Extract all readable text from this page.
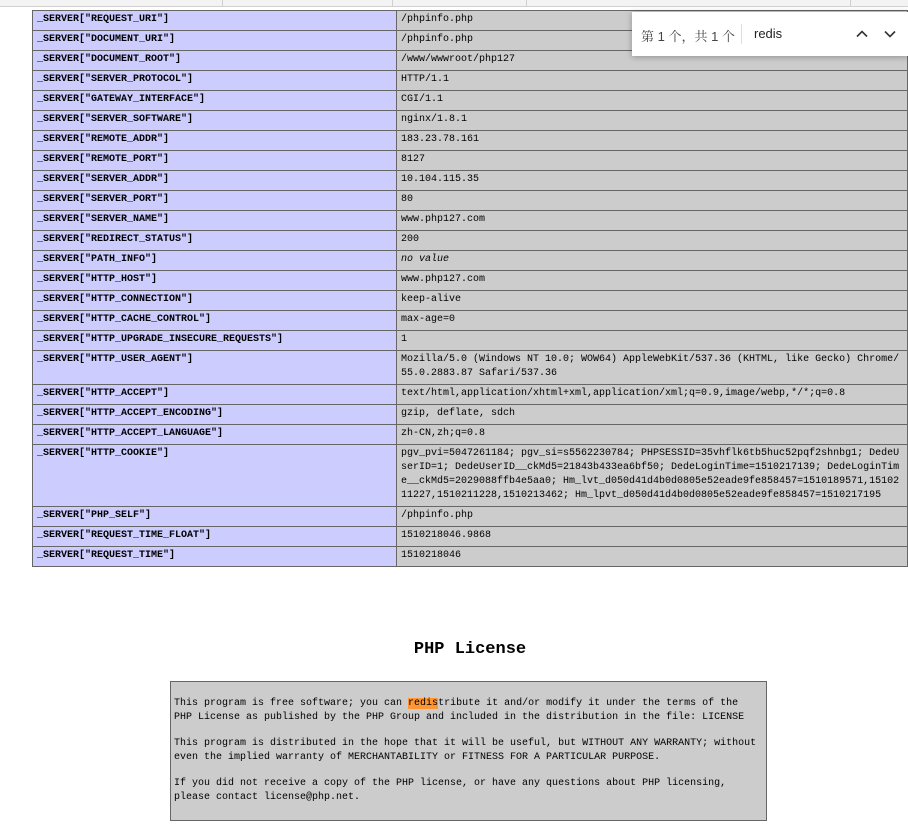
_SERVER["REQUEST_URI"]	/phpinfo.php
_SERVER["DOCUMENT_URI"]	/phpinfo.php
_SERVER["DOCUMENT_ROOT"]	/www/wwwroot/php127
_SERVER["SERVER_PROTOCOL"]	HTTP/1.1
_SERVER["GATEWAY_INTERFACE"]	CGI/1.1
_SERVER["SERVER_SOFTWARE"]	nginx/1.8.1
_SERVER["REMOTE_ADDR"]	183.23.78.161
_SERVER["REMOTE_PORT"]	8127
_SERVER["SERVER_ADDR"]	10.104.115.35
_SERVER["SERVER_PORT"]	80
_SERVER["SERVER_NAME"]	www.php127.com
_SERVER["REDIRECT_STATUS"]	200
_SERVER["PATH_INFO"]	no value
_SERVER["HTTP_HOST"]	www.php127.com
_SERVER["HTTP_CONNECTION"]	keep-alive
_SERVER["HTTP_CACHE_CONTROL"]	max-age=0
_SERVER["HTTP_UPGRADE_INSECURE_REQUESTS"]	1
_SERVER["HTTP_USER_AGENT"]	Mozilla/5.0 (Windows NT 10.0; WOW64) AppleWebKit/537.36 (KHTML, like Gecko) Chrome/55.0.2883.87 Safari/537.36
_SERVER["HTTP_ACCEPT"]	text/html,application/xhtml+xml,application/xml;q=0.9,image/webp,*/*;q=0.8
_SERVER["HTTP_ACCEPT_ENCODING"]	gzip, deflate, sdch
_SERVER["HTTP_ACCEPT_LANGUAGE"]	zh-CN,zh;q=0.8
_SERVER["HTTP_COOKIE"]	pgv_pvi=5047261184; pgv_si=s5562230784; PHPSESSID=35vhflk6tb5huc52pqf2shnbg1; DedeUserID=1; DedeUserID__ckMd5=21843b433ea6bf50; DedeLoginTime=1510217139; DedeLoginTime__ckMd5=2029088ffb4e5aa0; Hm_lvt_d050d41d4b0d0805e52eade9fe858457=1510189571,1510211227,1510211228,1510213462; Hm_lpvt_d050d41d4b0d0805e52eade9fe858457=1510217195
_SERVER["PHP_SELF"]	/phpinfo.php
_SERVER["REQUEST_TIME_FLOAT"]	1510218046.9868
_SERVER["REQUEST_TIME"]	1510218046
PHP License

This program is free software; you can redistribute it and/or modify it under the terms of the PHP License as published by the PHP Group and included in the distribution in the file: LICENSE

This program is distributed in the hope that it will be useful, but WITHOUT ANY WARRANTY; without even the implied warranty of MERCHANTABILITY or FITNESS FOR A PARTICULAR PURPOSE.

If you did not receive a copy of the PHP license, or have any questions about PHP licensing, please contact license@php.net.

第 1 个，共 1 个 redis
